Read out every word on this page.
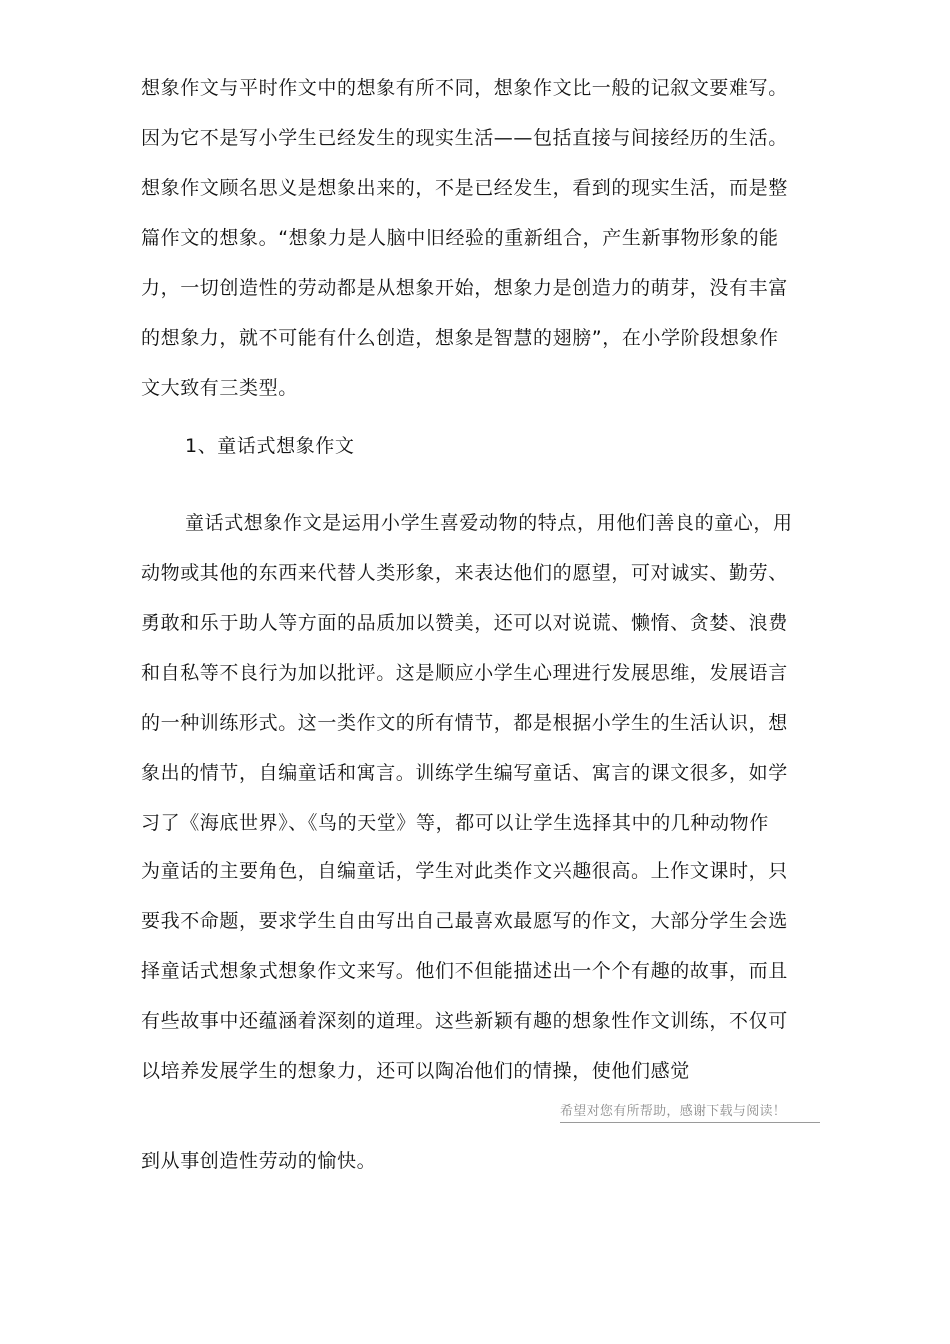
想象作文与平时作文中的想象有所不同，想象作文比一般的记叙文要难写。
因为它不是写小学生已经发生的现实生活——包括直接与间接经历的生活。
想象作文顾名思义是想象出来的，不是已经发生，看到的现实生活，而是整
篇作文的想象。“想象力是人脑中旧经验的重新组合，产生新事物形象的能
力，一切创造性的劳动都是从想象开始，想象力是创造力的萌芽，没有丰富
的想象力，就不可能有什么创造，想象是智慧的翅膀”，在小学阶段想象作
文大致有三类型。
1、童话式想象作文
童话式想象作文是运用小学生喜爱动物的特点，用他们善良的童心，用
动物或其他的东西来代替人类形象，来表达他们的愿望，可对诚实、勤劳、
勇敢和乐于助人等方面的品质加以赞美，还可以对说谎、懒惰、贪婪、浪费
和自私等不良行为加以批评。这是顺应小学生心理进行发展思维，发展语言
的一种训练形式。这一类作文的所有情节，都是根据小学生的生活认识，想
象出的情节，自编童话和寓言。训练学生编写童话、寓言的课文很多，如学
习了《海底世界》、《鸟的天堂》等，都可以让学生选择其中的几种动物作
为童话的主要角色，自编童话，学生对此类作文兴趣很高。上作文课时，只
要我不命题，要求学生自由写出自己最喜欢最愿写的作文，大部分学生会选
择童话式想象式想象作文来写。他们不但能描述出一个个有趣的故事，而且
有些故事中还蕴涵着深刻的道理。这些新颖有趣的想象性作文训练，不仅可
以培养发展学生的想象力，还可以陶冶他们的情操，使他们感觉
希望对您有所帮助，感谢下载与阅读！
到从事创造性劳动的愉快。
